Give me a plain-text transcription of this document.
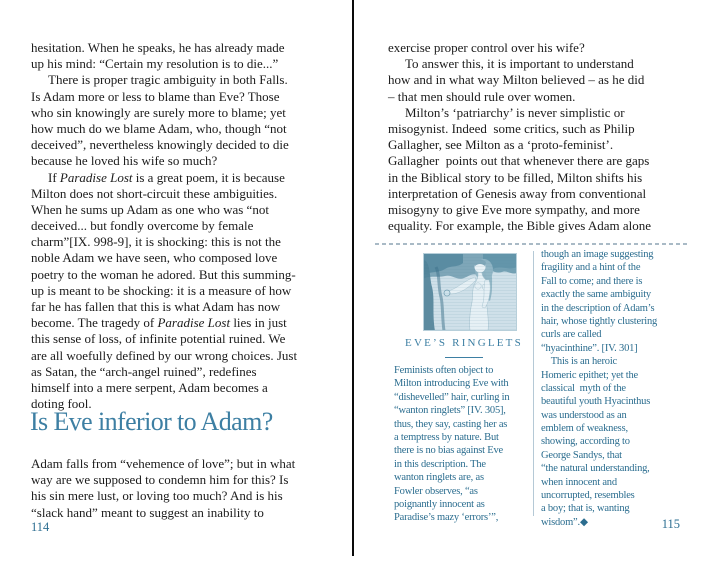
hesitation. When he speaks, he has already made
up his mind: “Certain my resolution is to die...”
There is proper tragic ambiguity in both Falls.
Is Adam more or less to blame than Eve? Those
who sin knowingly are surely more to blame; yet
how much do we blame Adam, who, though “not
deceived”, nevertheless knowingly decided to die
because he loved his wife so much?
If Paradise Lost is a great poem, it is because
Milton does not short-circuit these ambiguities.
When he sums up Adam as one who was “not
deceived... but fondly overcome by female
charm”[IX. 998-9], it is shocking: this is not the
noble Adam we have seen, who composed love
poetry to the woman he adored. But this summing-
up is meant to be shocking: it is a measure of how
far he has fallen that this is what Adam has now
become. The tragedy of Paradise Lost lies in just
this sense of loss, of infinite potential ruined. We
are all woefully defined by our wrong choices. Just
as Satan, the “arch-angel ruined”, redefines
himself into a mere serpent, Adam becomes a
doting fool.
Is Eve inferior to Adam?
Adam falls from “vehemence of love”; but in what
way are we supposed to condemn him for this? Is
his sin mere lust, or loving too much? And is his
“slack hand” meant to suggest an inability to
114
exercise proper control over his wife?
To answer this, it is important to understand
how and in what way Milton believed – as he did
– that men should rule over women.
Milton’s ‘patriarchy’ is never simplistic or
misogynist. Indeed  some critics, such as Philip
Gallagher, see Milton as a ‘proto-feminist’.
Gallagher  points out that whenever there are gaps
in the Biblical story to be filled, Milton shifts his
interpretation of Genesis away from conventional
misogyny to give Eve more sympathy, and more
equality. For example, the Bible gives Adam alone
EVE’S RINGLETS
Feminists often object to
Milton introducing Eve with
“dishevelled” hair, curling in
“wanton ringlets” [IV. 305],
thus, they say, casting her as
a temptress by nature. But
there is no bias against Eve
in this description. The
wanton ringlets are, as
Fowler observes, “as
poignantly innocent as
Paradise’s mazy ‘errors’”,
though an image suggesting
fragility and a hint of the
Fall to come; and there is
exactly the same ambiguity
in the description of Adam’s
hair, whose tightly clustering
curls are called
“hyacinthine”. [IV. 301]
This is an heroic
Homeric epithet; yet the
classical  myth of the
beautiful youth Hyacinthus
was understood as an
emblem of weakness,
showing, according to
George Sandys, that
“the natural understanding,
when innocent and
uncorrupted, resembles
a boy; that is, wanting
wisdom”.◆	115
